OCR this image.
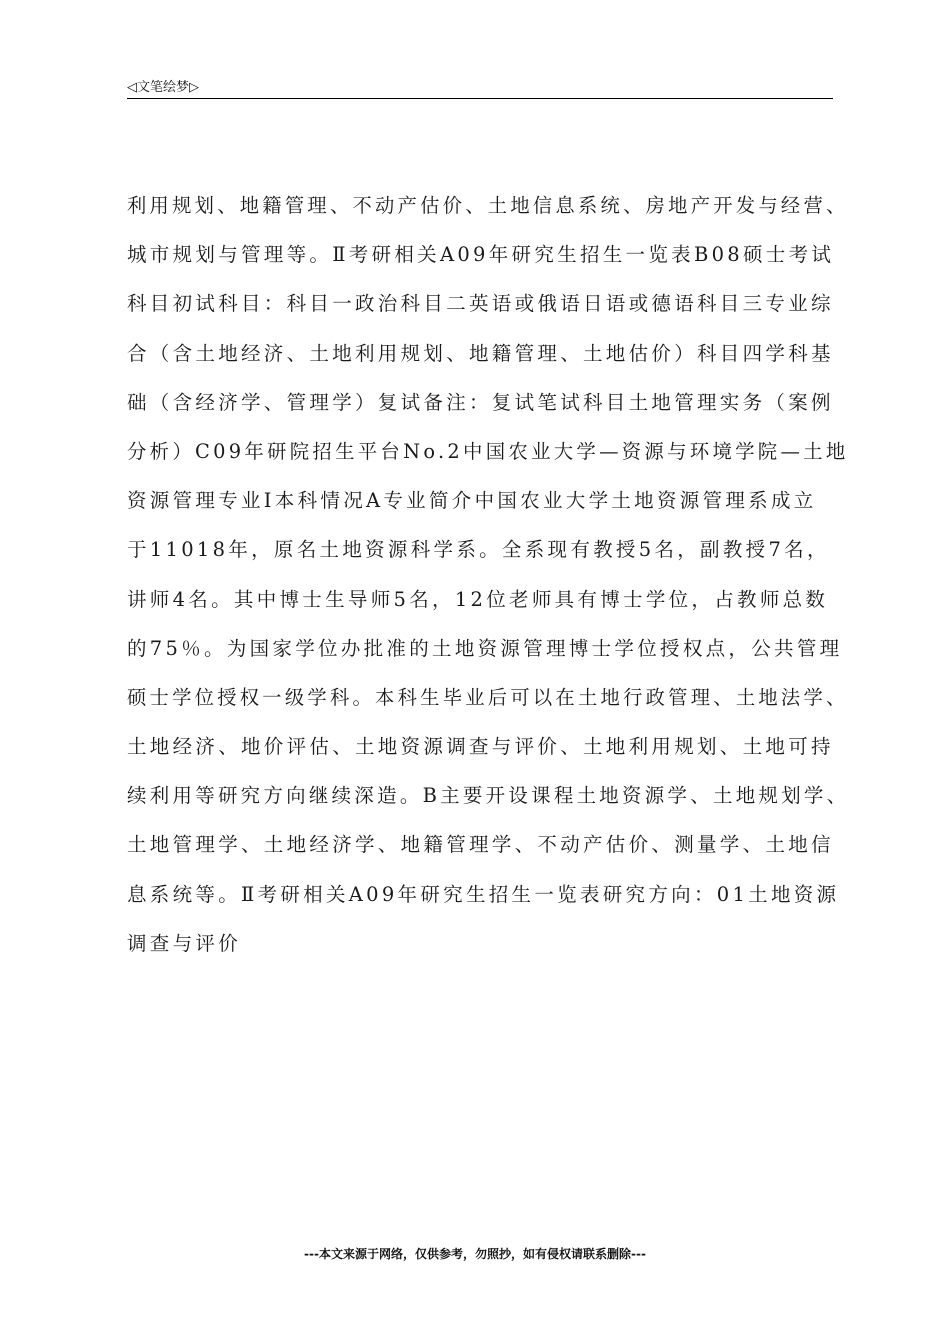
◁文笔绘梦▷
利用规划、地籍管理、不动产估价、土地信息系统、房地产开发与经营、
城市规划与管理等。Ⅱ考研相关A09年研究生招生一览表B08硕士考试
科目初试科目：科目一政治科目二英语或俄语日语或德语科目三专业综
合（含土地经济、土地利用规划、地籍管理、土地估价）科目四学科基
础（含经济学、管理学）复试备注：复试笔试科目土地管理实务（案例
分析）C09年研院招生平台No.2中国农业大学—资源与环境学院—土地
资源管理专业Ⅰ本科情况A专业简介中国农业大学土地资源管理系成立
于11018年，原名土地资源科学系。全系现有教授5名，副教授7名，
讲师4名。其中博士生导师5名，12位老师具有博士学位，占教师总数
的75％。为国家学位办批准的土地资源管理博士学位授权点，公共管理
硕士学位授权一级学科。本科生毕业后可以在土地行政管理、土地法学、
土地经济、地价评估、土地资源调查与评价、土地利用规划、土地可持
续利用等研究方向继续深造。B主要开设课程土地资源学、土地规划学、
土地管理学、土地经济学、地籍管理学、不动产估价、测量学、土地信
息系统等。Ⅱ考研相关A09年研究生招生一览表研究方向：01土地资源
调查与评价
---本文来源于网络，仅供参考，勿照抄，如有侵权请联系删除---
